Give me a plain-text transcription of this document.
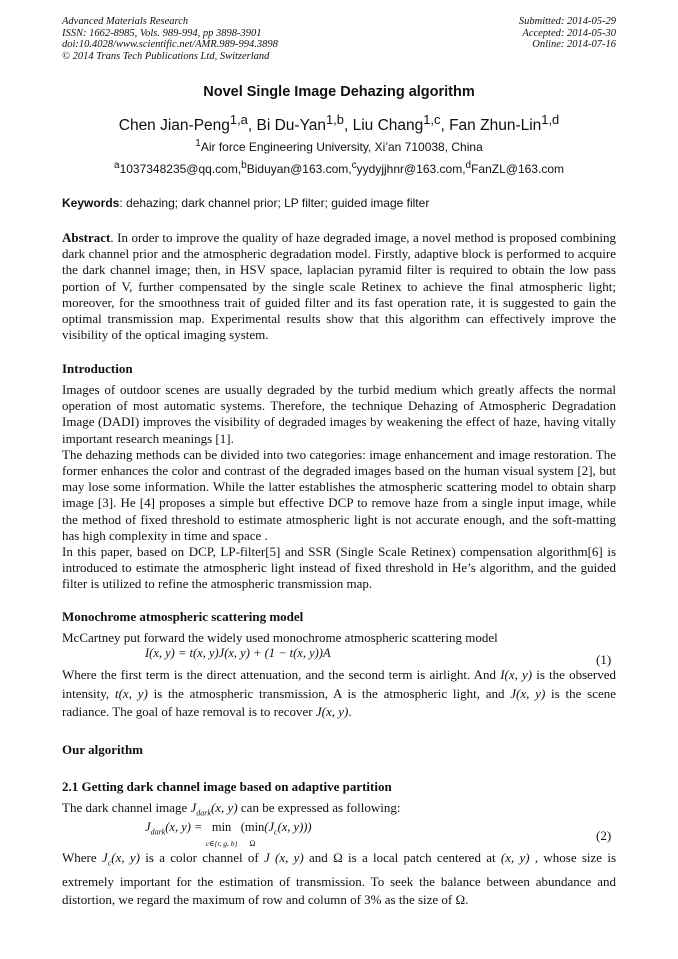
Advanced Materials Research
ISSN: 1662-8985, Vols. 989-994, pp 3898-3901
doi:10.4028/www.scientific.net/AMR.989-994.3898
© 2014 Trans Tech Publications Ltd, Switzerland
Submitted: 2014-05-29
Accepted: 2014-05-30
Online: 2014-07-16
Novel Single Image Dehazing algorithm
Chen Jian-Peng$^{1,a}$, Bi Du-Yan$^{1,b}$, Liu Chang$^{1,c}$, Fan Zhun-Lin$^{1,d}$
$^1$Air force Engineering University, Xi’an 710038, China
$^a$1037348235@qq.com,$^b$Biduyan@163.com,$^c$yydyjjhnr@163.com,$^d$FanZL@163.com
Keywords: dehazing; dark channel prior; LP filter; guided image filter
Abstract. In order to improve the quality of haze degraded image, a novel method is proposed combining dark channel prior and the atmospheric degradation model. Firstly, adaptive block is performed to acquire the dark channel image; then, in HSV space, laplacian pyramid filter is required to obtain the low pass portion of V, further compensated by the single scale Retinex to achieve the final atmospheric light; moreover, for the smoothness trait of guided filter and its fast operation rate, it is suggested to gain the optimal transmission map. Experimental results show that this algorithm can effectively improve the visibility of the optical imaging system.
Introduction

Images of outdoor scenes are usually degraded by the turbid medium which greatly affects the normal operation of most automatic systems. Therefore, the technique Dehazing of Atmospheric Degradation Image (DADI) improves the visibility of degraded images by weakening the effect of haze, having vitally important research meanings [1].

The dehazing methods can be divided into two categories: image enhancement and image restoration. The former enhances the color and contrast of the degraded images based on the human visual system [2], but may lose some information. While the latter establishes the atmospheric scattering model to obtain sharp image [3]. He [4] proposes a simple but effective DCP to remove haze from a single input image, while the method of fixed threshold to estimate atmospheric light is not accurate enough, and the soft-matting has high complexity in time and space .

In this paper, based on DCP, LP-filter[5] and SSR (Single Scale Retinex) compensation algorithm[6] is introduced to estimate the atmospheric light instead of fixed threshold in He’s algorithm, and the guided filter is utilized to refine the atmospheric transmission map.

Monochrome atmospheric scattering model
McCartney put forward the widely used monochrome atmospheric scattering model
I(x, y) = t(x, y)J(x, y) + (1 − t(x, y))A	(1)
Where the first term is the direct attenuation, and the second term is airlight. And I(x, y) is the observed intensity, t(x, y) is the atmospheric transmission, A is the atmospheric light, and J(x, y) is the scene radiance. The goal of haze removal is to recover J(x, y).
Our algorithm
2.1 Getting dark channel image based on adaptive partition
The dark channel image $J_{dark}(x$, y) can be expressed as following:
$J_{dark}(x$, y) = min
c∈{r, g, b} (min
$\Omega(J_c(x$, y)))
(2)
Where $J_c(x$, y) is a color channel of J (x, y) and Ω is a local patch centered at (x, y) , whose size is extremely important for the estimation of transmission. To seek the balance between abundance and distortion, we regard the maximum of row and column of 3% as the size of Ω.
